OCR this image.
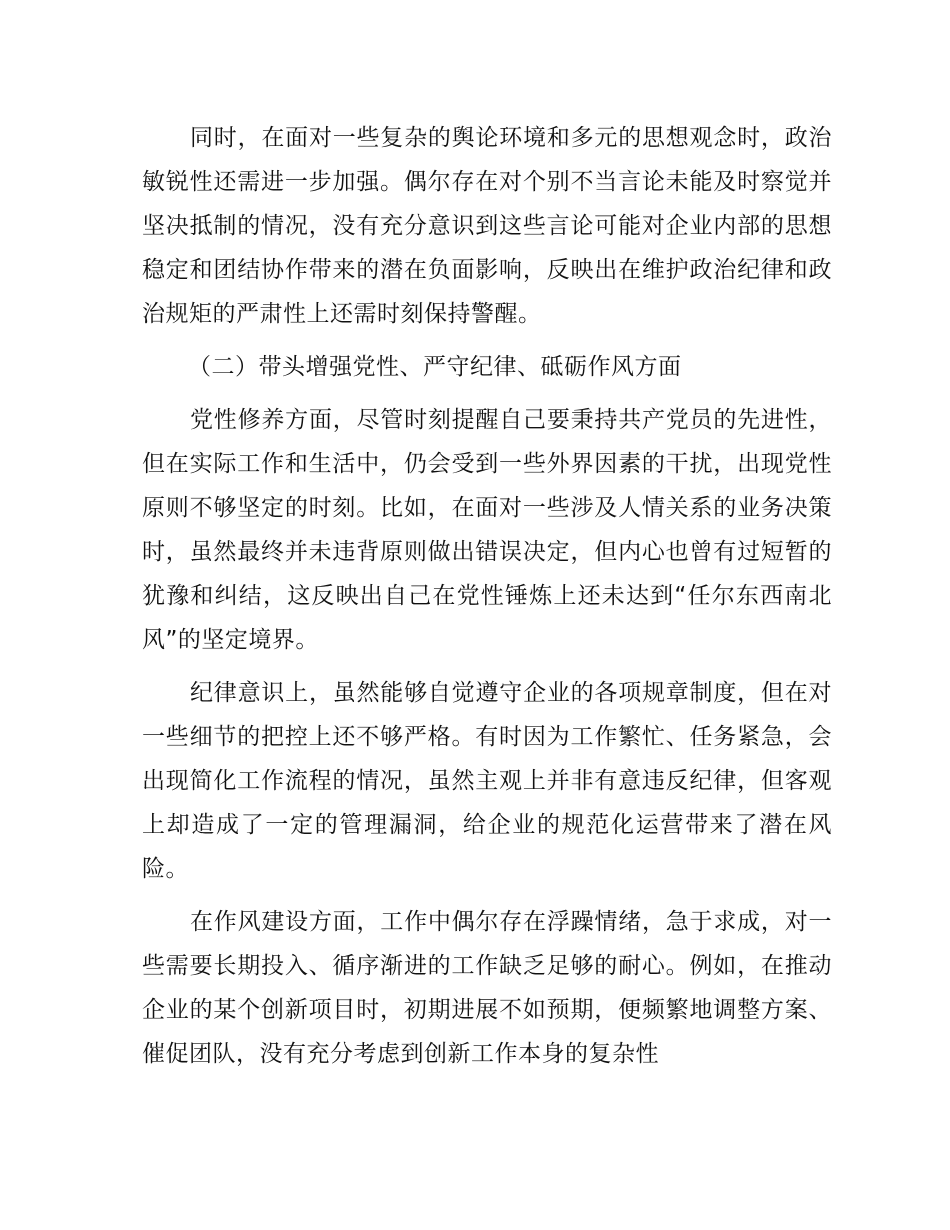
同时，在面对一些复杂的舆论环境和多元的思想观念时，政治敏锐性还需进一步加强。偶尔存在对个别不当言论未能及时察觉并坚决抵制的情况，没有充分意识到这些言论可能对企业内部的思想稳定和团结协作带来的潜在负面影响，反映出在维护政治纪律和政治规矩的严肃性上还需时刻保持警醒。

（二）带头增强党性、严守纪律、砥砺作风方面

党性修养方面，尽管时刻提醒自己要秉持共产党员的先进性，但在实际工作和生活中，仍会受到一些外界因素的干扰，出现党性原则不够坚定的时刻。比如，在面对一些涉及人情关系的业务决策时，虽然最终并未违背原则做出错误决定，但内心也曾有过短暂的犹豫和纠结，这反映出自己在党性锤炼上还未达到“任尔东西南北风”的坚定境界。

纪律意识上，虽然能够自觉遵守企业的各项规章制度，但在对一些细节的把控上还不够严格。有时因为工作繁忙、任务紧急，会出现简化工作流程的情况，虽然主观上并非有意违反纪律，但客观上却造成了一定的管理漏洞，给企业的规范化运营带来了潜在风险。

在作风建设方面，工作中偶尔存在浮躁情绪，急于求成，对一些需要长期投入、循序渐进的工作缺乏足够的耐心。例如，在推动企业的某个创新项目时，初期进展不如预期，便频繁地调整方案、催促团队，没有充分考虑到创新工作本身的复杂性
